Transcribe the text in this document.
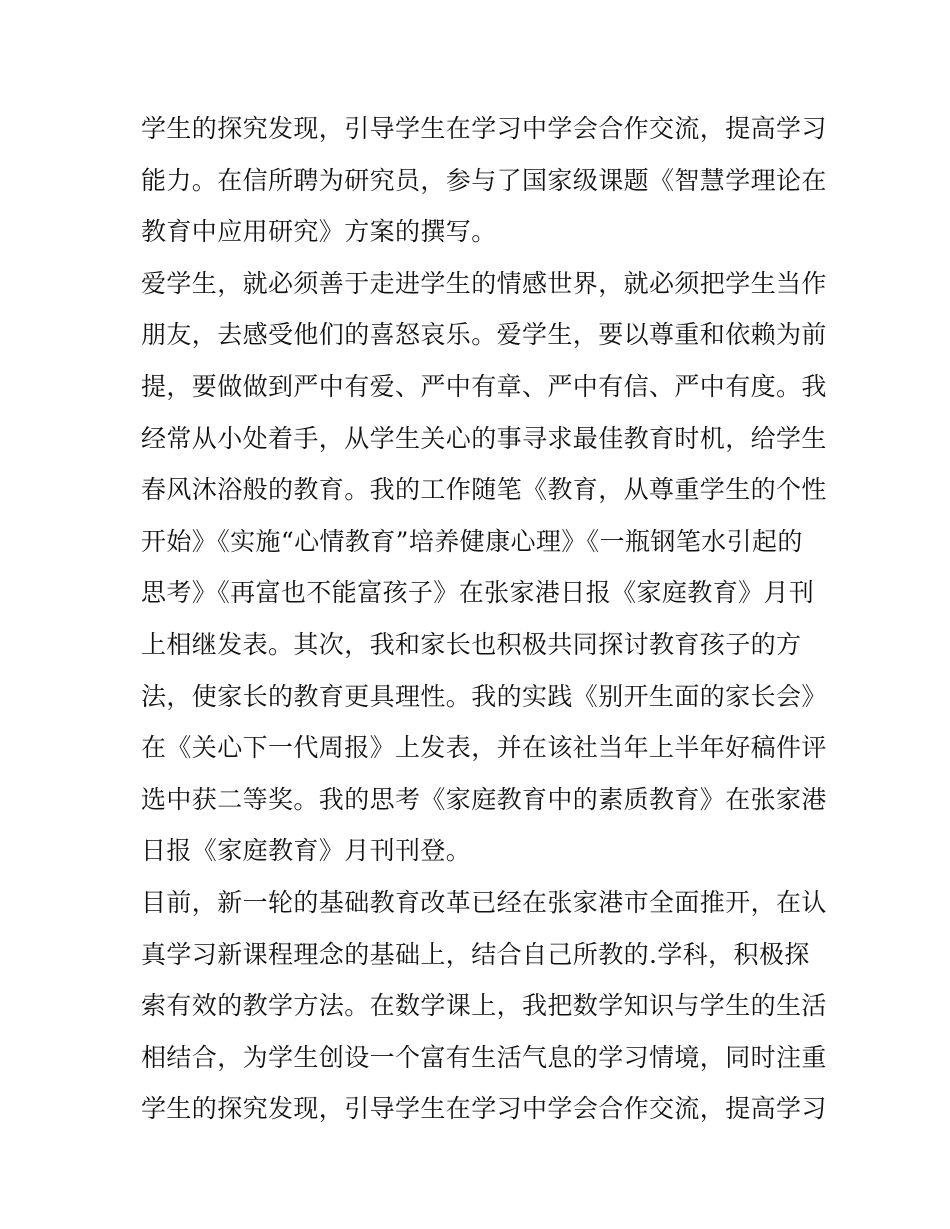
学生的探究发现，引导学生在学习中学会合作交流，提高学习
能力。在信所聘为研究员，参与了国家级课题《智慧学理论在
教育中应用研究》方案的撰写。
爱学生，就必须善于走进学生的情感世界，就必须把学生当作
朋友，去感受他们的喜怒哀乐。爱学生，要以尊重和依赖为前
提，要做做到严中有爱、严中有章、严中有信、严中有度。我
经常从小处着手，从学生关心的事寻求最佳教育时机，给学生
春风沐浴般的教育。我的工作随笔《教育，从尊重学生的个性
开始》《实施“心情教育”培养健康心理》《一瓶钢笔水引起的
思考》《再富也不能富孩子》在张家港日报《家庭教育》月刊
上相继发表。其次，我和家长也积极共同探讨教育孩子的方
法，使家长的教育更具理性。我的实践《别开生面的家长会》
在《关心下一代周报》上发表，并在该社当年上半年好稿件评
选中获二等奖。我的思考《家庭教育中的素质教育》在张家港
日报《家庭教育》月刊刊登。
目前，新一轮的基础教育改革已经在张家港市全面推开，在认
真学习新课程理念的基础上，结合自己所教的.学科，积极探
索有效的教学方法。在数学课上，我把数学知识与学生的生活
相结合，为学生创设一个富有生活气息的学习情境，同时注重
学生的探究发现，引导学生在学习中学会合作交流，提高学习
